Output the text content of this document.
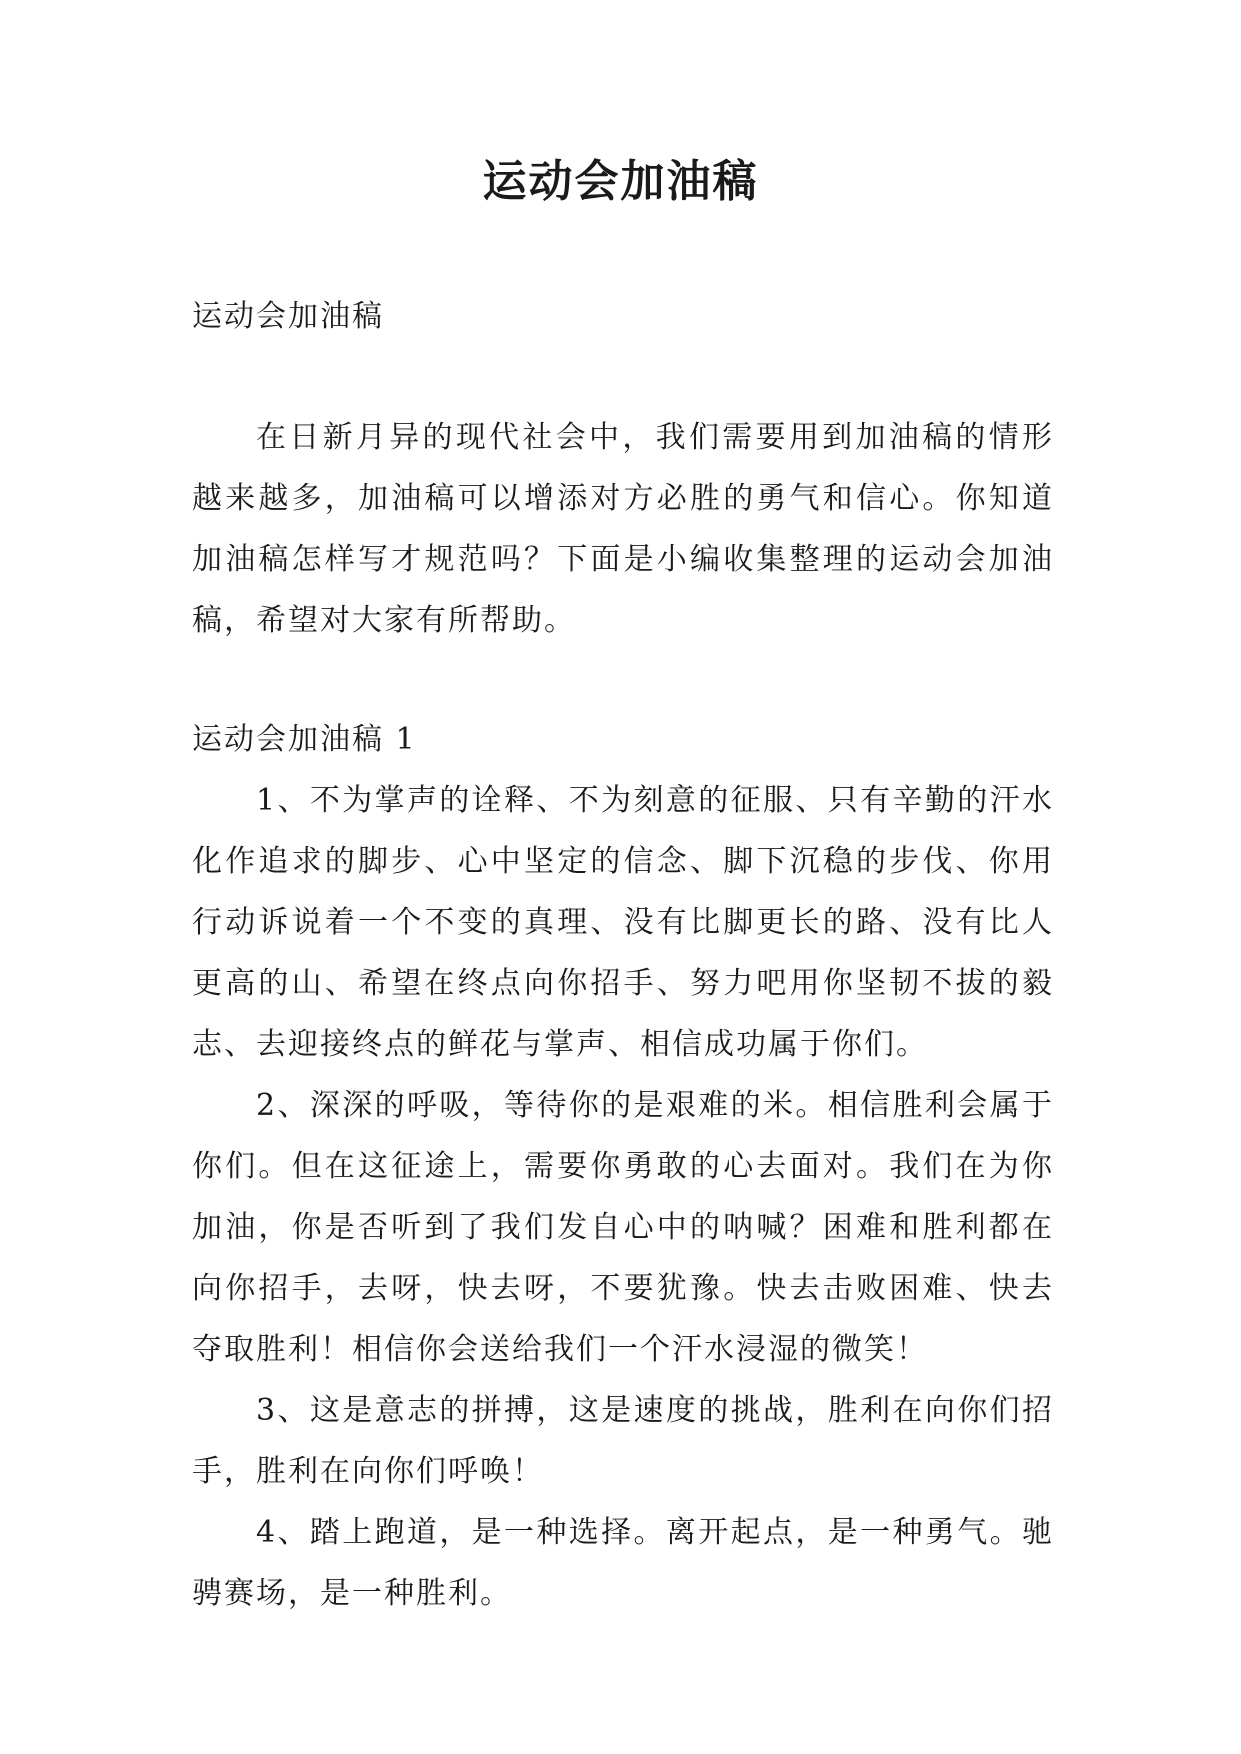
运动会加油稿

运动会加油稿

在日新月异的现代社会中，我们需要用到加油稿的情形越来越多，加油稿可以增添对方必胜的勇气和信心。你知道加油稿怎样写才规范吗？下面是小编收集整理的运动会加油稿，希望对大家有所帮助。

运动会加油稿 1

1、不为掌声的诠释、不为刻意的征服、只有辛勤的汗水化作追求的脚步、心中坚定的信念、脚下沉稳的步伐、你用行动诉说着一个不变的真理、没有比脚更长的路、没有比人更高的山、希望在终点向你招手、努力吧用你坚韧不拔的毅志、去迎接终点的鲜花与掌声、相信成功属于你们。

2、深深的呼吸，等待你的是艰难的米。相信胜利会属于你们。但在这征途上，需要你勇敢的心去面对。我们在为你加油，你是否听到了我们发自心中的呐喊？困难和胜利都在向你招手，去呀，快去呀，不要犹豫。快去击败困难、快去夺取胜利！相信你会送给我们一个汗水浸湿的微笑！

3、这是意志的拼搏，这是速度的挑战，胜利在向你们招手，胜利在向你们呼唤！

4、踏上跑道，是一种选择。离开起点，是一种勇气。驰骋赛场，是一种胜利。
